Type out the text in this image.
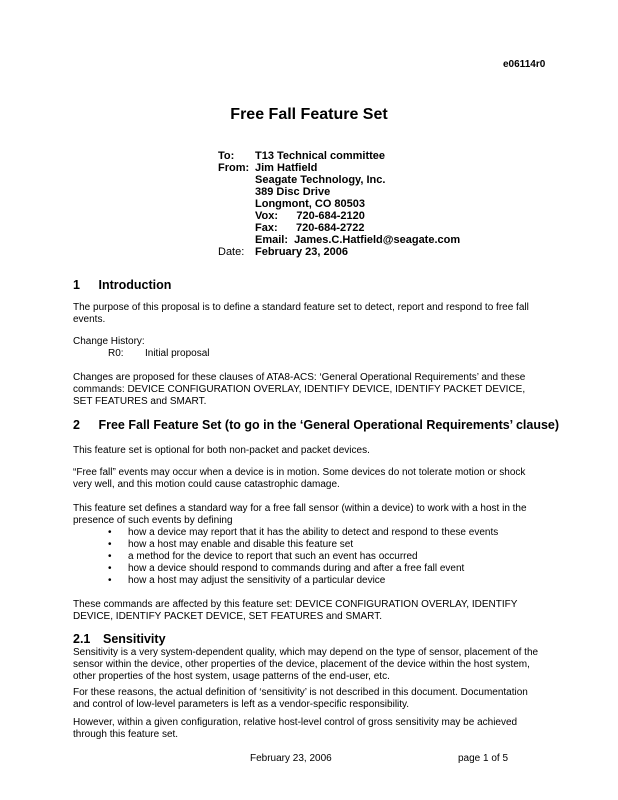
e06114r0
Free Fall Feature Set
To: T13 Technical committee
From: Jim Hatfield
Seagate Technology, Inc.
389 Disc Drive
Longmont, CO 80503
Vox:      720-684-2120
Fax:      720-684-2722
Email:  James.C.Hatfield@seagate.com
Date: February 23, 2006
1 Introduction
The purpose of this proposal is to define a standard feature set to detect, report and respond to free fall
events.
Change History:
R0: Initial proposal
Changes are proposed for these clauses of ATA8-ACS: ‘General Operational Requirements’ and these
commands: DEVICE CONFIGURATION OVERLAY, IDENTIFY DEVICE, IDENTIFY PACKET DEVICE,
SET FEATURES and SMART.
2 Free Fall Feature Set (to go in the ‘General Operational Requirements’ clause)
This feature set is optional for both non-packet and packet devices.
“Free fall” events may occur when a device is in motion. Some devices do not tolerate motion or shock
very well, and this motion could cause catastrophic damage.
This feature set defines a standard way for a free fall sensor (within a device) to work with a host in the
presence of such events by defining
• how a device may report that it has the ability to detect and respond to these events
• how a host may enable and disable this feature set
• a method for the device to report that such an event has occurred
• how a device should respond to commands during and after a free fall event
• how a host may adjust the sensitivity of a particular device
These commands are affected by this feature set: DEVICE CONFIGURATION OVERLAY, IDENTIFY
DEVICE, IDENTIFY PACKET DEVICE, SET FEATURES and SMART.
2.1 Sensitivity
Sensitivity is a very system-dependent quality, which may depend on the type of sensor, placement of the
sensor within the device, other properties of the device, placement of the device within the host system,
other properties of the host system, usage patterns of the end-user, etc.
For these reasons, the actual definition of ‘sensitivity’ is not described in this document. Documentation
and control of low-level parameters is left as a vendor-specific responsibility.
However, within a given configuration, relative host-level control of gross sensitivity may be achieved
through this feature set.
February 23, 2006	page 1 of 5
